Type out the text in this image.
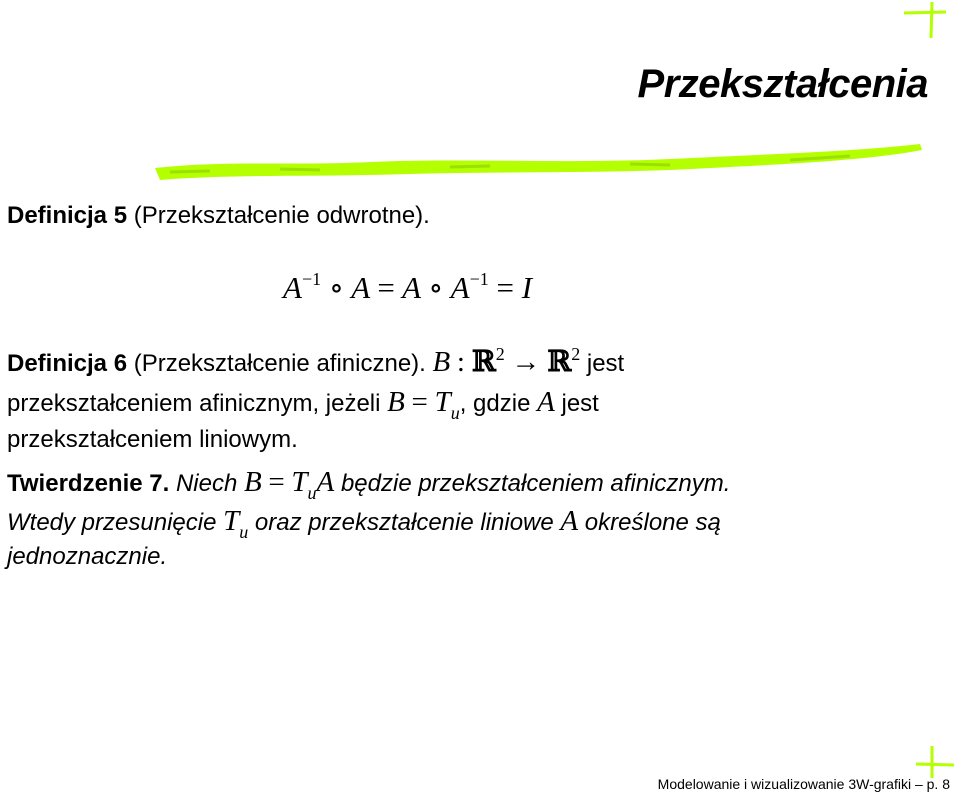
Przekształcenia
Definicja 5 (Przekształcenie odwrotne).
$A^{-1}$ ∘ A = A ∘ $A^{-1} = I$
Definicja 6 (Przekształcenie afiniczne). B : ℝ$^2$ → ℝ$^2$ jest
przekształceniem afinicznym, jeżeli $B = T_u$, gdzie A jest
przekształceniem liniowym.
Twierdzenie 7. Niech $B = T_uA$ będzie przekształceniem afinicznym.
Wtedy przesunięcie $T_u$ oraz przekształcenie liniowe A określone są
jednoznacznie.
Modelowanie i wizualizowanie 3W-grafiki – p. 8
